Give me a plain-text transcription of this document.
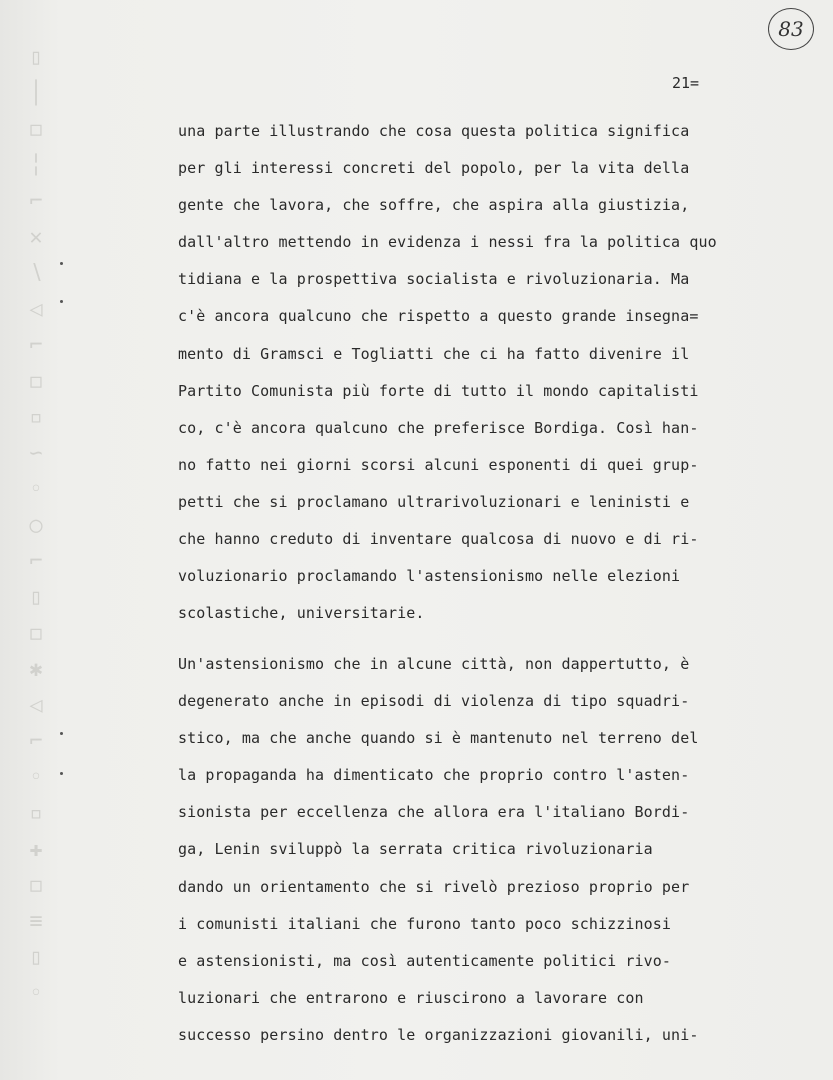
▯
│
◻
╎
⌐
✕
∖
◁
⌐
◻
▫
∽
◦
○
⌐
▯
◻
✱
◁
⌐
◦
▫
✚
◻
≡
▯
◦
83
21=
una parte illustrando che cosa questa politica significa
per gli interessi concreti del popolo, per la vita della
gente che lavora, che soffre, che aspira alla giustizia,
dall'altro mettendo in evidenza i nessi fra la politica quo
tidiana e la prospettiva socialista e rivoluzionaria. Ma
c'è ancora qualcuno che rispetto a questo grande insegna=
mento di Gramsci e Togliatti che ci ha fatto divenire il
Partito Comunista più forte di tutto il mondo capitalisti
co, c'è ancora qualcuno che preferisce Bordiga. Così han-
no fatto nei giorni scorsi alcuni esponenti di quei grup-
petti che si proclamano ultrarivoluzionari e leninisti e
che hanno creduto di inventare qualcosa di nuovo e di ri-
voluzionario proclamando l'astensionismo nelle elezioni
scolastiche, universitarie.
Un'astensionismo che in alcune città, non dappertutto, è
degenerato anche in episodi di violenza di tipo squadri-
stico, ma che anche quando si è mantenuto nel terreno del
la propaganda ha dimenticato che proprio contro l'asten-
sionista per eccellenza che allora era l'italiano Bordi-
ga, Lenin sviluppò la serrata critica rivoluzionaria
dando un orientamento che si rivelò prezioso proprio per
i comunisti italiani che furono tanto poco schizzinosi
e astensionisti, ma così autenticamente politici rivo-
luzionari che entrarono e riuscirono a lavorare con
successo persino dentro le organizzazioni giovanili, uni-
